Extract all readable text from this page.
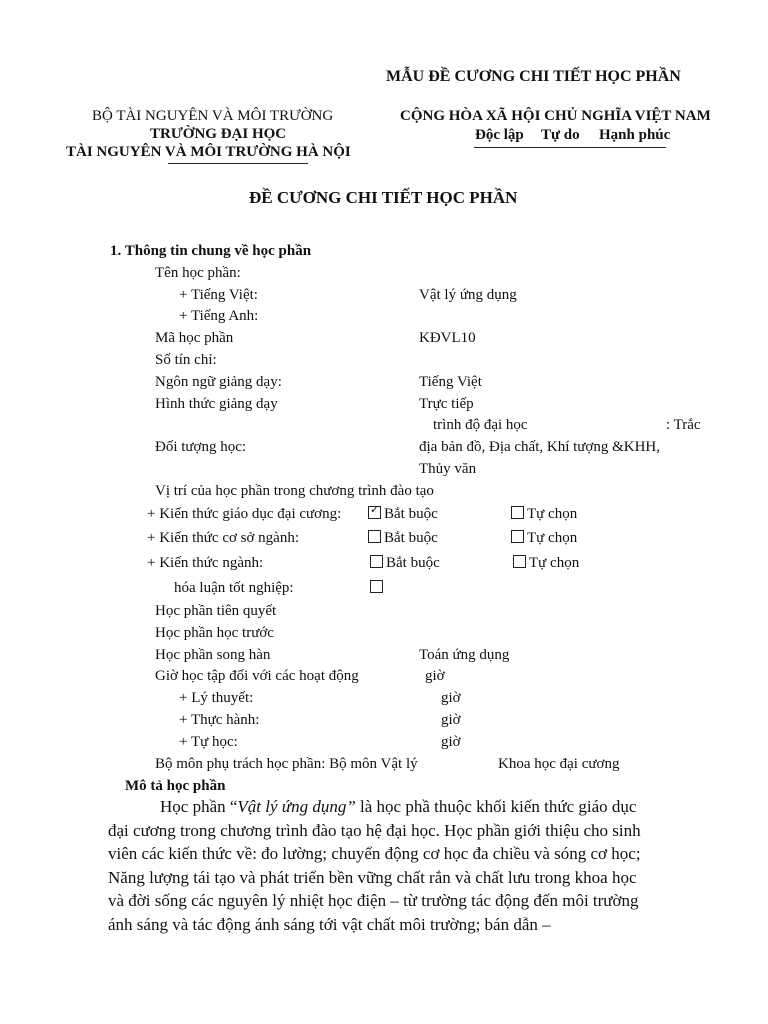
MẪU ĐỀ CƯƠNG CHI TIẾT HỌC PHẦN
BỘ TÀI NGUYÊN VÀ MÔI TRƯỜNG
TRƯỜNG ĐẠI HỌC
TÀI NGUYÊN VÀ MÔI TRƯỜNG HÀ NỘI
CỘNG HÒA XÃ HỘI CHỦ NGHĨA VIỆT NAM
Độc lập Tự do Hạnh phúc
ĐỀ CƯƠNG CHI TIẾT HỌC PHẦN
1. Thông tin chung về học phần
Tên học phần:
+ Tiếng Việt:	Vật lý ứng dụng
+ Tiếng Anh:
Mã học phần	KĐVL10
Số tín chỉ:
Ngôn ngữ giảng dạy:	Tiếng Việt
Hình thức giảng dạy	Trực tiếp
trình độ đại học	: Trắc
Đối tượng học:	địa bản đồ, Địa chất, Khí tượng &KHH,
Thủy văn
Vị trí của học phần trong chương trình đào tạo
+ Kiến thức giáo dục đại cương:
✓	Bắt buộc	Tự chọn
+ Kiến thức cơ sở ngành:	Bắt buộc	Tự chọn
+ Kiến thức ngành:	Bắt buộc	Tự chọn
hóa luận tốt nghiệp:
Học phần tiên quyết
Học phần học trước
Học phần song hàn	Toán ứng dụng
Giờ học tập đối với các hoạt động	giờ
+ Lý thuyết:	giờ
+ Thực hành:	giờ
+ Tự học:	giờ
Bộ môn phụ trách học phần: Bộ môn Vật lý	Khoa học đại cương
Mô tả học phần

Học phần “Vật lý ứng dụng” là học phầ thuộc khối kiến thức giáo dục

đại cương trong chương trình đào tạo hệ đại học. Học phần giới thiệu cho sinh

viên các kiến thức về: đo lường; chuyển động cơ học đa chiều và sóng cơ học;

Năng lượng tái tạo và phát triển bền vững chất rắn và chất lưu trong khoa học

và đời sống các nguyên lý nhiệt học điện – từ trường tác động đến môi trường

ánh sáng và tác động ánh sáng tới vật chất môi trường; bán dẫn –
